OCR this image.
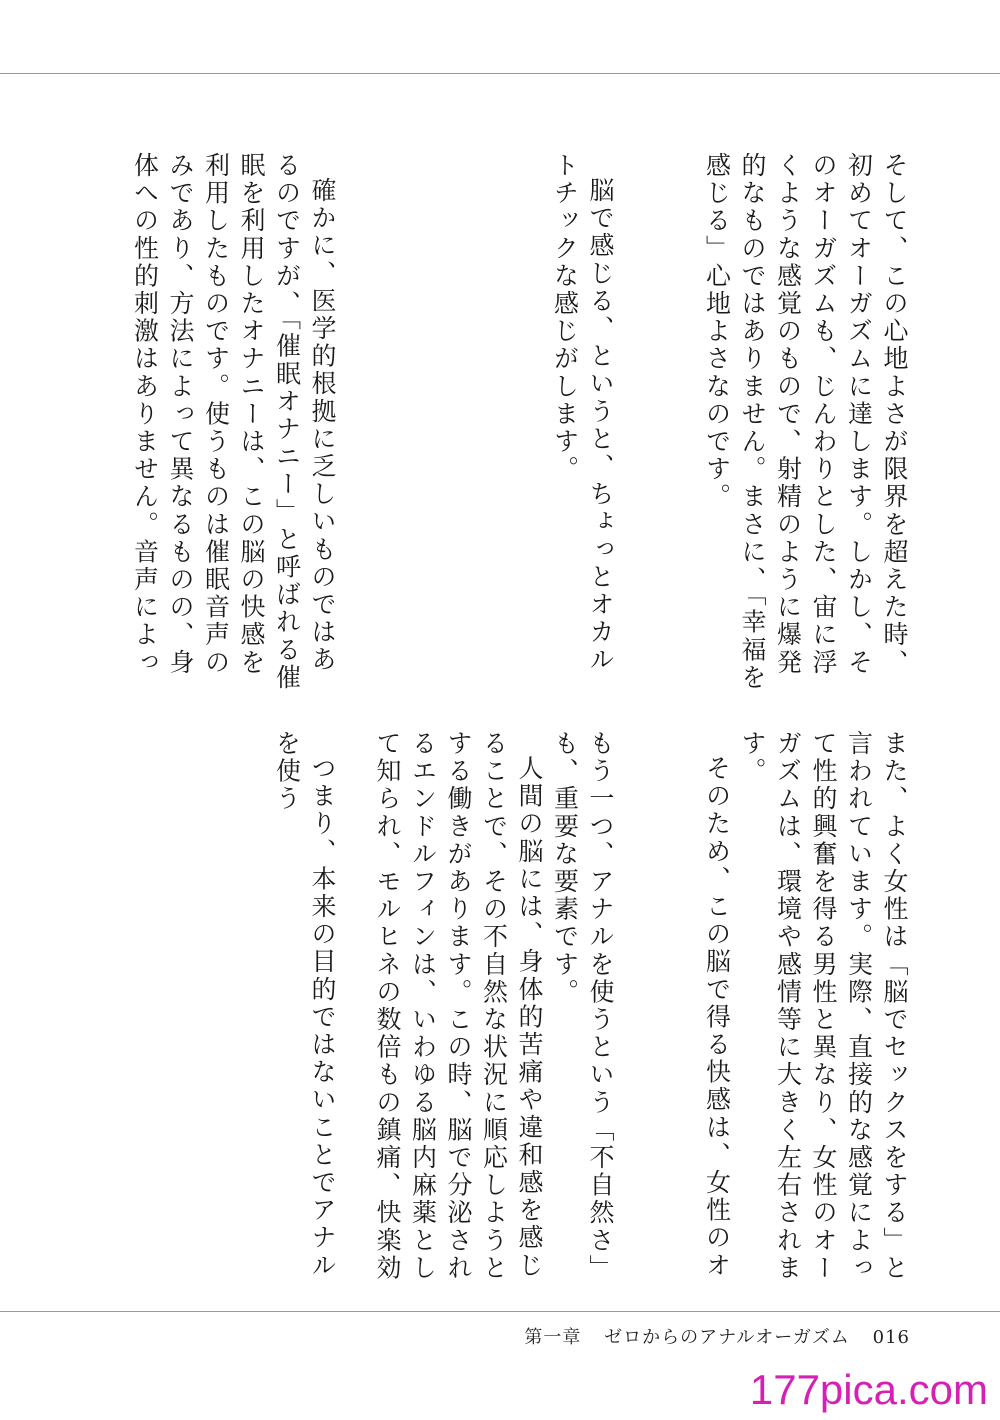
そして、この心地よさが限界を超えた時、初めてオーガズムに達します。しかし、そのオーガズムも、じんわりとした、宙に浮くような感覚のもので、射精のように爆発的なものではありません。まさに、「幸福を感じる」心地よさなのです。

脳で感じる、というと、ちょっとオカルトチックな感じがします。

確かに、医学的根拠に乏しいものではあるのですが、「催眠オナニー」と呼ばれる催眠を利用したオナニーは、この脳の快感を利用したものです。使うものは催眠音声のみであり、方法によって異なるものの、身体への性的刺激はありません。音声によっ

また、よく女性は「脳でセックスをする」と言われています。実際、直接的な感覚によって性的興奮を得る男性と異なり、女性のオーガズムは、環境や感情等に大きく左右されます。

そのため、この脳で得る快感は、女性のオ

もう一つ、アナルを使うという「不自然さ」も、重要な要素です。

人間の脳には、身体的苦痛や違和感を感じることで、その不自然な状況に順応しようとする働きがあります。この時、脳で分泌されるエンドルフィンは、いわゆる脳内麻薬として知られ、モルヒネの数倍もの鎮痛、快楽効

つまり、本来の目的ではないことでアナルを使う

第一章 ゼロからのアナルオーガズム 016
177pica.com
